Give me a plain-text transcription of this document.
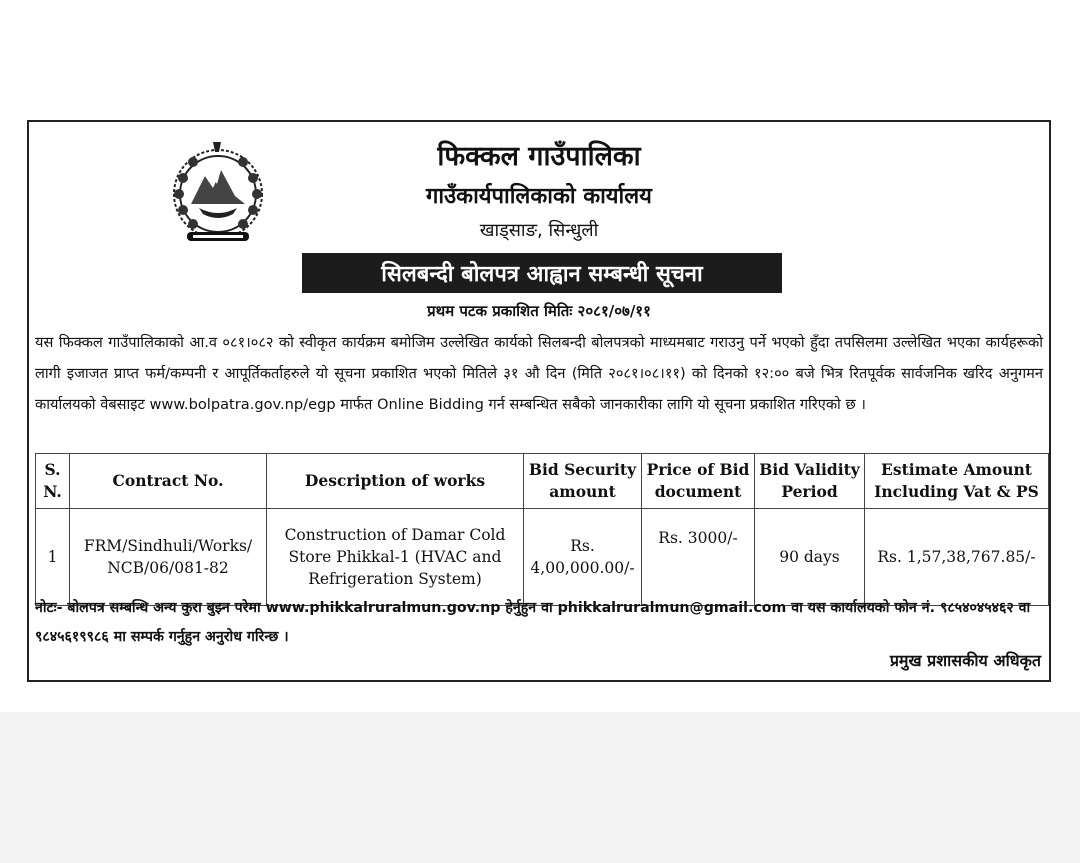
फिक्कल गाउँपालिका
गाउँकार्यपालिकाको कार्यालय
खाड्साङ, सिन्धुली
सिलबन्दी बोलपत्र आह्वान सम्बन्धी सूचना
प्रथम पटक प्रकाशित मितिः २०८१/०७/११
यस फिक्कल गाउँपालिकाको आ.व ०८१।०८२ को स्वीकृत कार्यक्रम बमोजिम उल्लेखित कार्यको सिलबन्दी बोलपत्रको माध्यमबाट गराउनु पर्ने भएको हुँदा तपसिलमा उल्लेखित भएका कार्यहरूको लागी इजाजत प्राप्त फर्म/कम्पनी र आपूर्तिकर्ताहरुले यो सूचना प्रकाशित भएको मितिले ३१ औ दिन (मिति २०८१।०८।११) को दिनको १२:०० बजे भित्र रितपूर्वक सार्वजनिक खरिद अनुगमन कार्यालयको वेबसाइट www.bolpatra.gov.np/egp मार्फत Online Bidding गर्न सम्बन्धित सबैको जानकारीका लागि यो सूचना प्रकाशित गरिएको छ ।
S. N.	Contract No.	Description of works	Bid Security amount	Price of Bid document	Bid Validity Period	Estimate Amount Including Vat & PS
1	FRM/Sindhuli/Works/ NCB/06/081-82	Construction of Damar Cold Store Phikkal-1 (HVAC and Refrigeration System)	Rs. 4,00,000.00/-	Rs. 3000/-	90 days	Rs. 1,57,38,767.85/-
नोटः- बोलपत्र सम्बन्धि अन्य कुरा बुझ्न परेमा www.phikkalruralmun.gov.np हेर्नुहुन वा phikkalruralmun@gmail.com वा यस कार्यालयको फोन नं. ९८५४०४५४६२ वा ९८४५६१९९८६ मा सम्पर्क गर्नुहुन अनुरोध गरिन्छ ।
प्रमुख प्रशासकीय अधिकृत
